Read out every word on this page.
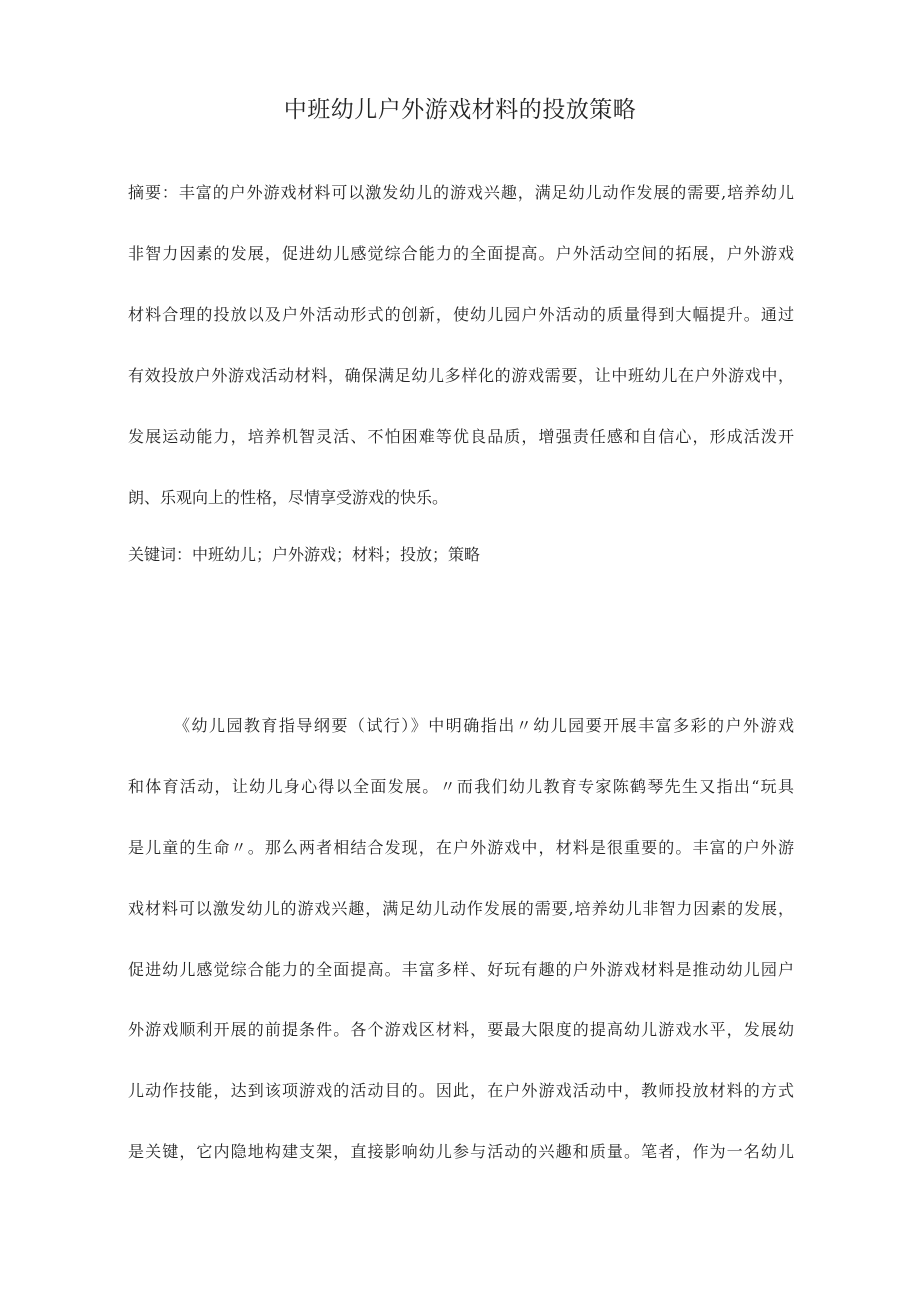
中班幼儿户外游戏材料的投放策略
摘要：丰富的户外游戏材料可以激发幼儿的游戏兴趣，满足幼儿动作发展的需要,培养幼儿
非智力因素的发展，促进幼儿感觉综合能力的全面提高。户外活动空间的拓展，户外游戏
材料合理的投放以及户外活动形式的创新，使幼儿园户外活动的质量得到大幅提升。通过
有效投放户外游戏活动材料，确保满足幼儿多样化的游戏需要，让中班幼儿在户外游戏中，
发展运动能力，培养机智灵活、不怕困难等优良品质，增强责任感和自信心，形成活泼开
朗、乐观向上的性格，尽情享受游戏的快乐。
关键词：中班幼儿；户外游戏；材料；投放；策略
《幼儿园教育指导纲要（试行）》中明确指出〃幼儿园要开展丰富多彩的户外游戏
和体育活动，让幼儿身心得以全面发展。〃而我们幼儿教育专家陈鹤琴先生又指出“玩具
是儿童的生命〃。那么两者相结合发现，在户外游戏中，材料是很重要的。丰富的户外游
戏材料可以激发幼儿的游戏兴趣，满足幼儿动作发展的需要,培养幼儿非智力因素的发展，
促进幼儿感觉综合能力的全面提高。丰富多样、好玩有趣的户外游戏材料是推动幼儿园户
外游戏顺利开展的前提条件。各个游戏区材料，要最大限度的提高幼儿游戏水平，发展幼
儿动作技能，达到该项游戏的活动目的。因此，在户外游戏活动中，教师投放材料的方式
是关键，它内隐地构建支架，直接影响幼儿参与活动的兴趣和质量。笔者，作为一名幼儿
